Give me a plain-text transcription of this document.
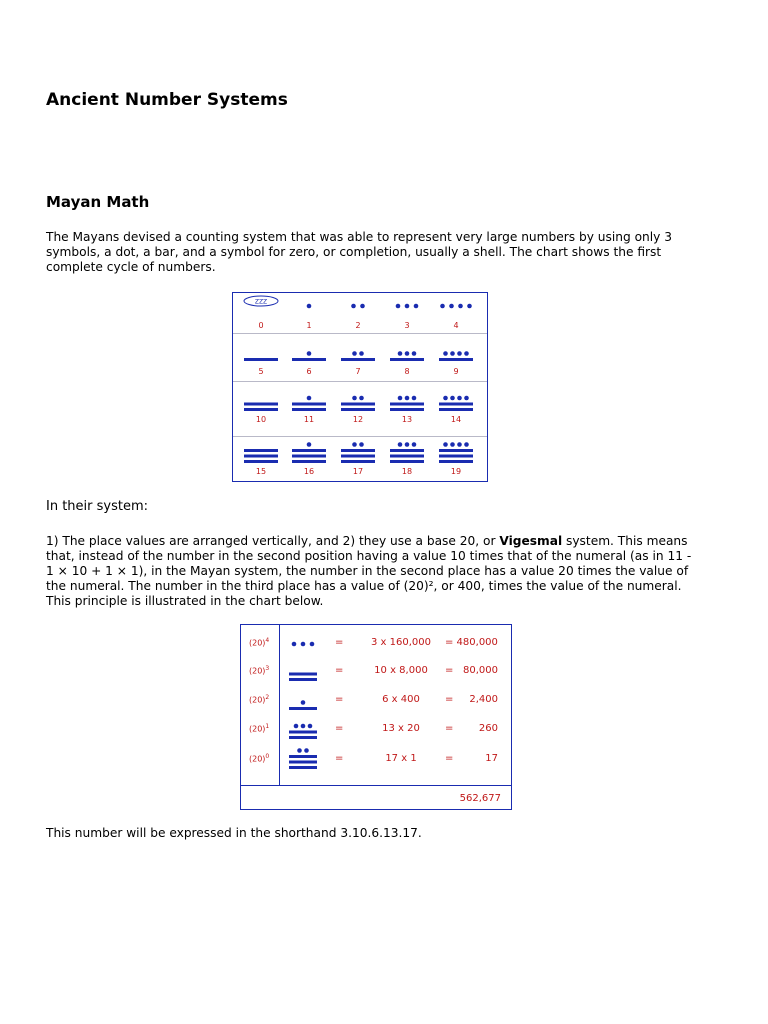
Ancient Number Systems
Mayan Math

The Mayans devised a counting system that was able to represent very large numbers by using only 3 symbols, a dot, a bar, and a symbol for zero, or completion, usually a shell. The chart shows the first complete cycle of numbers.

ZZZ
0	1	2	3	4
5	6	7	8	9
10	11	12	13	14
15	16	17	18	19

In their system:

1) The place values are arranged vertically, and 2) they use a base 20, or Vigesmal system. This means that, instead of the number in the second position having a value 10 times that of the numeral (as in 11 - 1 × 10 + 1 × 1), in the Mayan system, the number in the second place has a value 20 times the value of the numeral. The number in the third place has a value of (20)², or 400, times the value of the numeral. This principle is illustrated in the chart below.

562,677
$(20)^4$	=	3 x 160,000	= 480,000
$(20)^3$	=	10 x 8,000	= 80,000
$(20)^2$	=	6 x 400	=	2,400
$(20)^1$	=	13 x 20	=	260
$(20)^0$	=	17 x 1	=	17

This number will be expressed in the shorthand 3.10.6.13.17.
